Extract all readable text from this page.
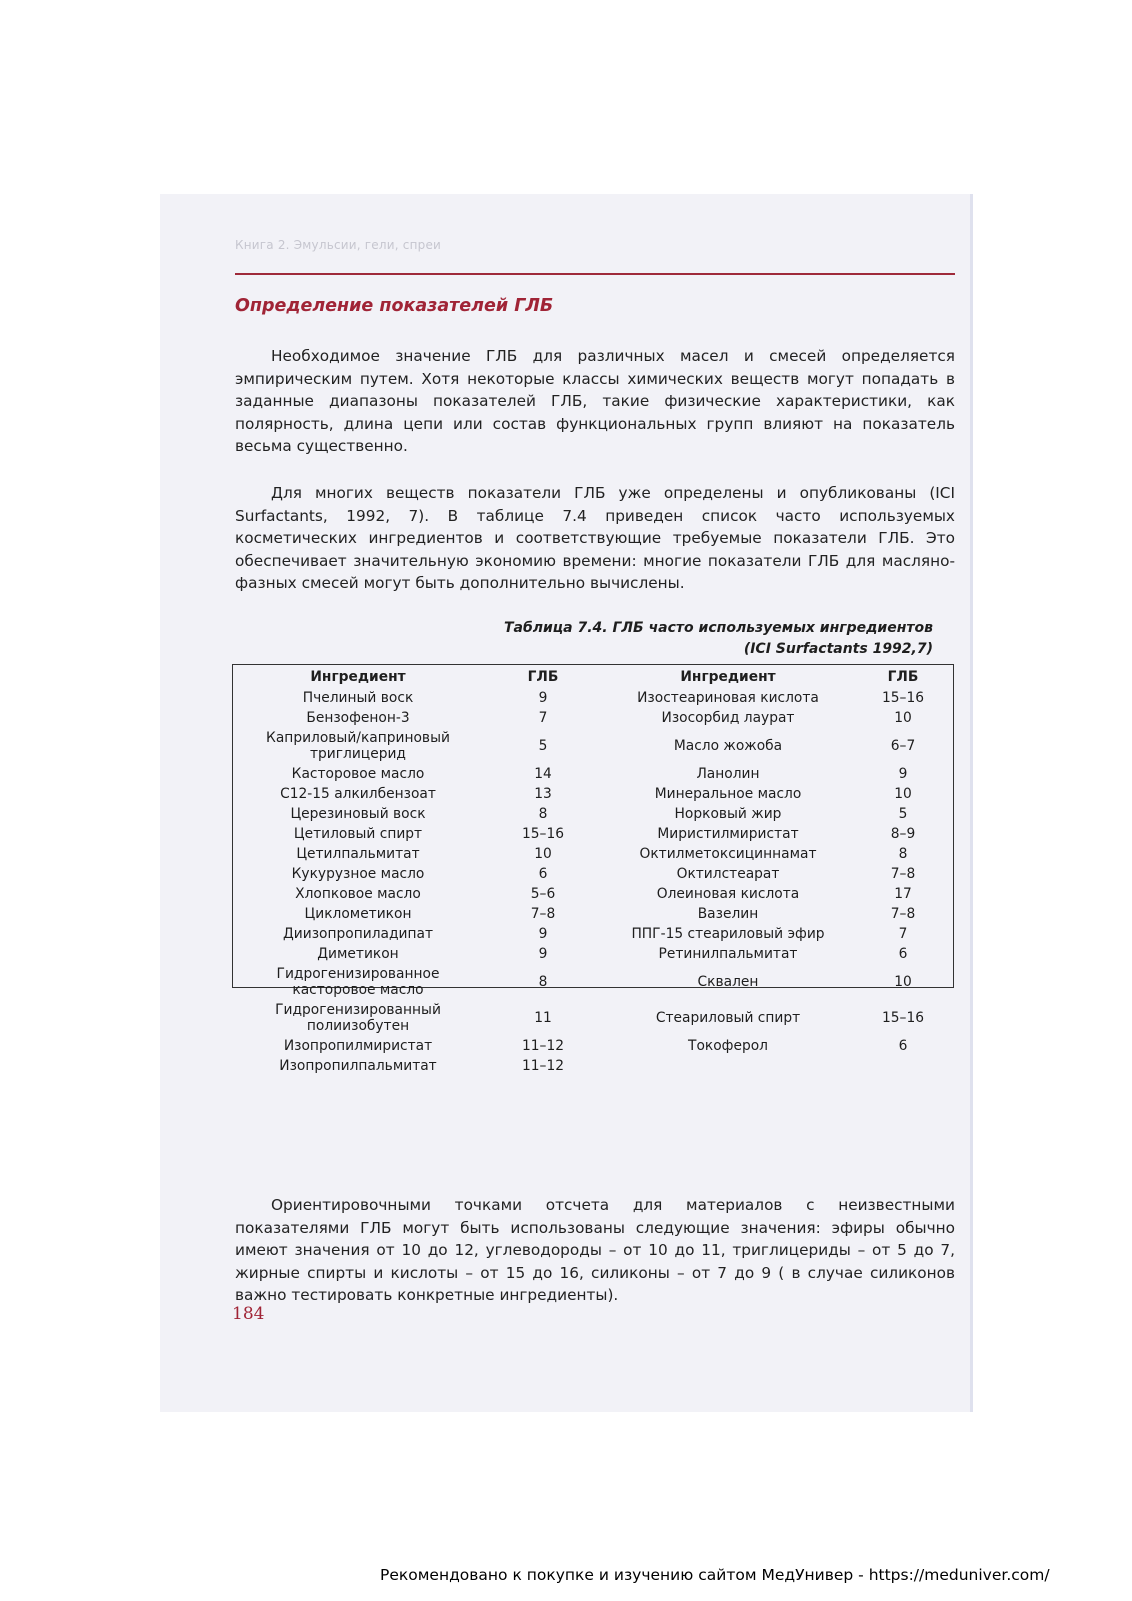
Книга 2. Эмульсии, гели, спреи
Определение показателей ГЛБ

Необходимое значение ГЛБ для различных масел и смесей определяется эмпирическим путем. Хотя некоторые классы химических веществ могут попадать в заданные диапазоны показателей ГЛБ, такие физические характеристики, как полярность, длина цепи или состав функциональных групп влияют на показатель весьма существенно.

Для многих веществ показатели ГЛБ уже определены и опубликованы (ICI Surfactants, 1992, 7). В таблице 7.4 приведен список часто используемых косметических ингредиентов и соответствующие требуемые показатели ГЛБ. Это обеспечивает значительную экономию времени: многие показатели ГЛБ для масляно-фазных смесей могут быть дополнительно вычислены.

Таблица 7.4. ГЛБ часто используемых ингредиентов
(ICI Surfactants 1992,7)
Ингредиент	ГЛБ	Ингредиент	ГЛБ
Пчелиный воск	9	Изостеариновая кислота	15–16
Бензофенон-3	7	Изосорбид лаурат	10
Каприловый/каприновый триглицерид	5	Масло жожоба	6–7
Касторовое масло	14	Ланолин	9
C12-15 алкилбензоат	13	Минеральное масло	10
Церезиновый воск	8	Норковый жир	5
Цетиловый спирт	15–16	Миристилмиристат	8–9
Цетилпальмитат	10	Октилметоксициннамат	8
Кукурузное масло	6	Октилстеарат	7–8
Хлопковое масло	5–6	Олеиновая кислота	17
Циклометикон	7–8	Вазелин	7–8
Диизопропиладипат	9	ППГ-15 стеариловый эфир	7
Диметикон	9	Ретинилпальмитат	6
Гидрогенизированное касторовое масло	8	Сквален	10
Гидрогенизированный полиизобутен	11	Стеариловый спирт	15–16
Изопропилмиристат	11–12	Токоферол	6
Изопропилпальмитат	11–12		

Ориентировочными точками отсчета для материалов с неизвестными показателями ГЛБ могут быть использованы следующие значения: эфиры обычно имеют значения от 10 до 12, углеводороды – от 10 до 11, триглицериды – от 5 до 7, жирные спирты и кислоты – от 15 до 16, силиконы – от 7 до 9 ( в случае силиконов важно тестировать конкретные ингредиенты).

184
Рекомендовано к покупке и изучению сайтом МедУнивер - https://meduniver.com/
